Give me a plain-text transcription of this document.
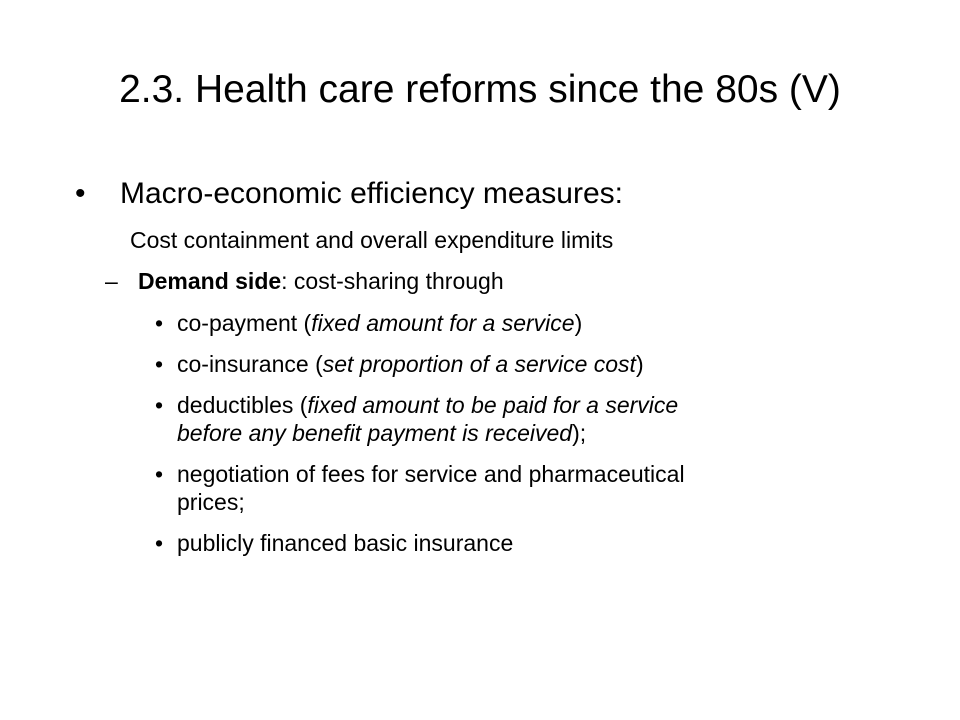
2.3. Health care reforms since the 80s (V)
• Macro-economic efficiency measures:
Cost containment and overall expenditure limits
– Demand side: cost-sharing through
• co-payment (fixed amount for a service)
• co-insurance (set proportion of a service cost)
• deductibles (fixed amount to be paid for a service
before any benefit payment is received);
• negotiation of fees for service and pharmaceutical
prices;
• publicly financed basic insurance
